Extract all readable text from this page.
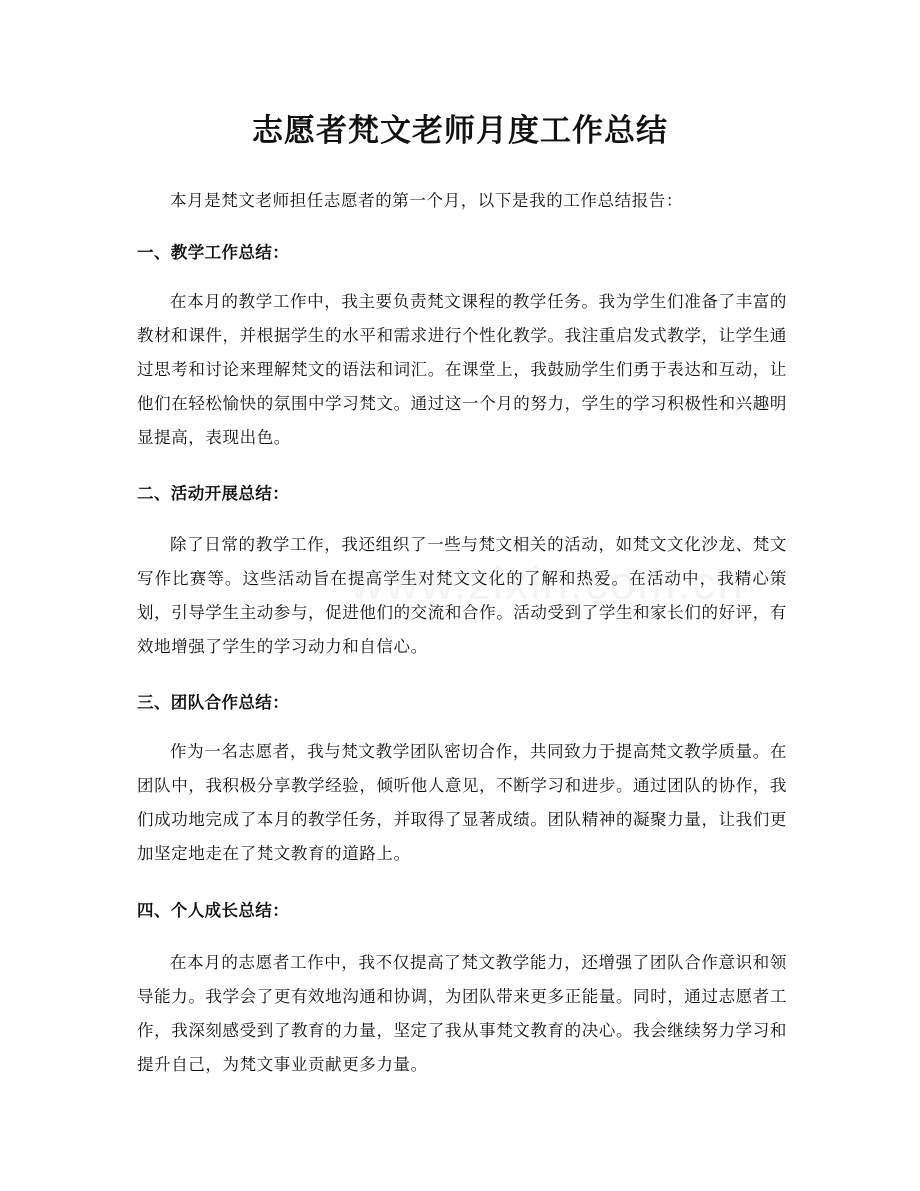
志愿者梵文老师月度工作总结

本月是梵文老师担任志愿者的第一个月，以下是我的工作总结报告：

一、教学工作总结：

在本月的教学工作中，我主要负责梵文课程的教学任务。我为学生们准备了丰富的教材和课件，并根据学生的水平和需求进行个性化教学。我注重启发式教学，让学生通过思考和讨论来理解梵文的语法和词汇。在课堂上，我鼓励学生们勇于表达和互动，让他们在轻松愉快的氛围中学习梵文。通过这一个月的努力，学生的学习积极性和兴趣明显提高，表现出色。

二、活动开展总结：

除了日常的教学工作，我还组织了一些与梵文相关的活动，如梵文文化沙龙、梵文写作比赛等。这些活动旨在提高学生对梵文文化的了解和热爱。在活动中，我精心策划，引导学生主动参与，促进他们的交流和合作。活动受到了学生和家长们的好评，有效地增强了学生的学习动力和自信心。

三、团队合作总结：

作为一名志愿者，我与梵文教学团队密切合作，共同致力于提高梵文教学质量。在团队中，我积极分享教学经验，倾听他人意见，不断学习和进步。通过团队的协作，我们成功地完成了本月的教学任务，并取得了显著成绩。团队精神的凝聚力量，让我们更加坚定地走在了梵文教育的道路上。

四、个人成长总结：

在本月的志愿者工作中，我不仅提高了梵文教学能力，还增强了团队合作意识和领导能力。我学会了更有效地沟通和协调，为团队带来更多正能量。同时，通过志愿者工作，我深刻感受到了教育的力量，坚定了我从事梵文教育的决心。我会继续努力学习和提升自己，为梵文事业贡献更多力量。
